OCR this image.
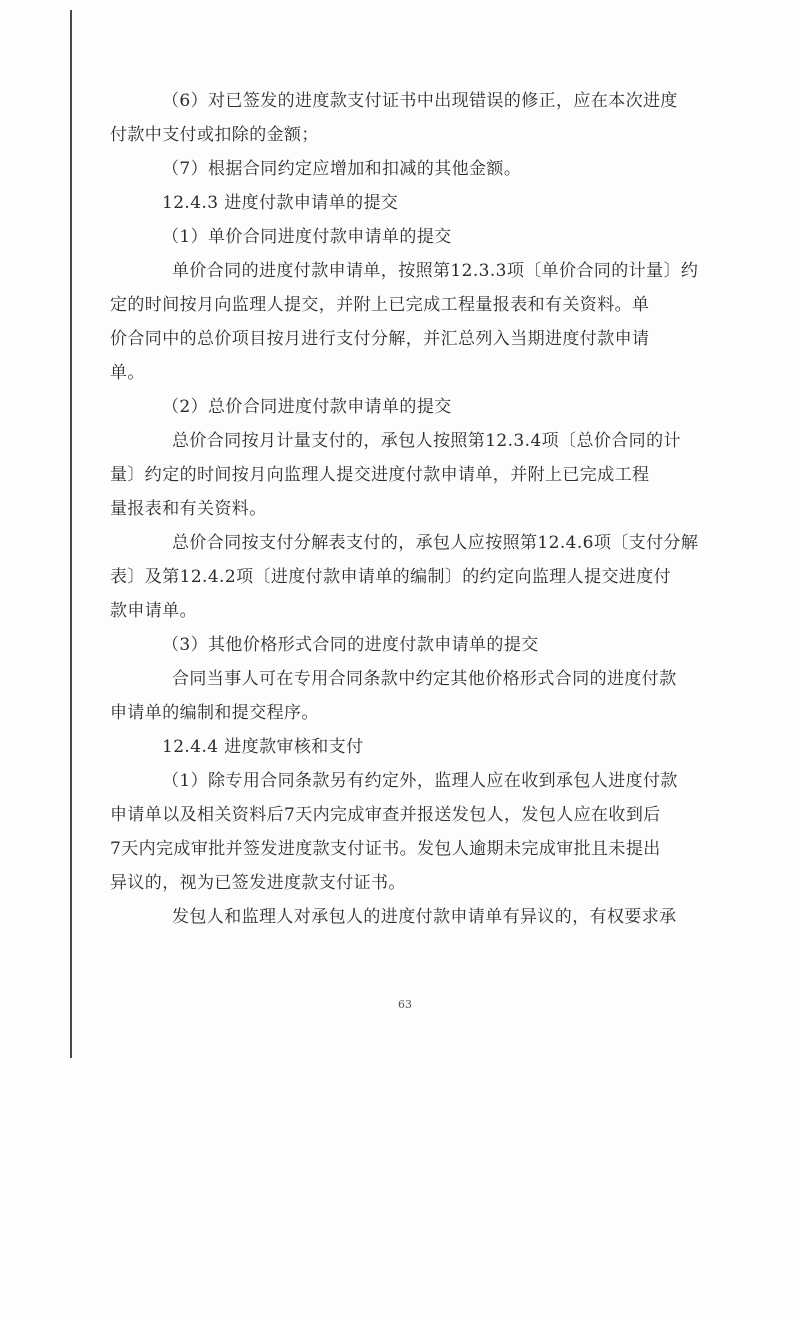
（6）对已签发的进度款支付证书中出现错误的修正，应在本次进度
付款中支付或扣除的金额；
（7）根据合同约定应增加和扣减的其他金额。
12.4.3 进度付款申请单的提交
（1）单价合同进度付款申请单的提交
单价合同的进度付款申请单，按照第12.3.3项〔单价合同的计量〕约
定的时间按月向监理人提交，并附上已完成工程量报表和有关资料。单
价合同中的总价项目按月进行支付分解，并汇总列入当期进度付款申请
单。
（2）总价合同进度付款申请单的提交
总价合同按月计量支付的，承包人按照第12.3.4项〔总价合同的计
量〕约定的时间按月向监理人提交进度付款申请单，并附上已完成工程
量报表和有关资料。
总价合同按支付分解表支付的，承包人应按照第12.4.6项〔支付分解
表〕及第12.4.2项〔进度付款申请单的编制〕的约定向监理人提交进度付
款申请单。
（3）其他价格形式合同的进度付款申请单的提交
合同当事人可在专用合同条款中约定其他价格形式合同的进度付款
申请单的编制和提交程序。
12.4.4 进度款审核和支付
（1）除专用合同条款另有约定外，监理人应在收到承包人进度付款
申请单以及相关资料后7天内完成审查并报送发包人，发包人应在收到后
7天内完成审批并签发进度款支付证书。发包人逾期未完成审批且未提出
异议的，视为已签发进度款支付证书。
发包人和监理人对承包人的进度付款申请单有异议的，有权要求承
63
